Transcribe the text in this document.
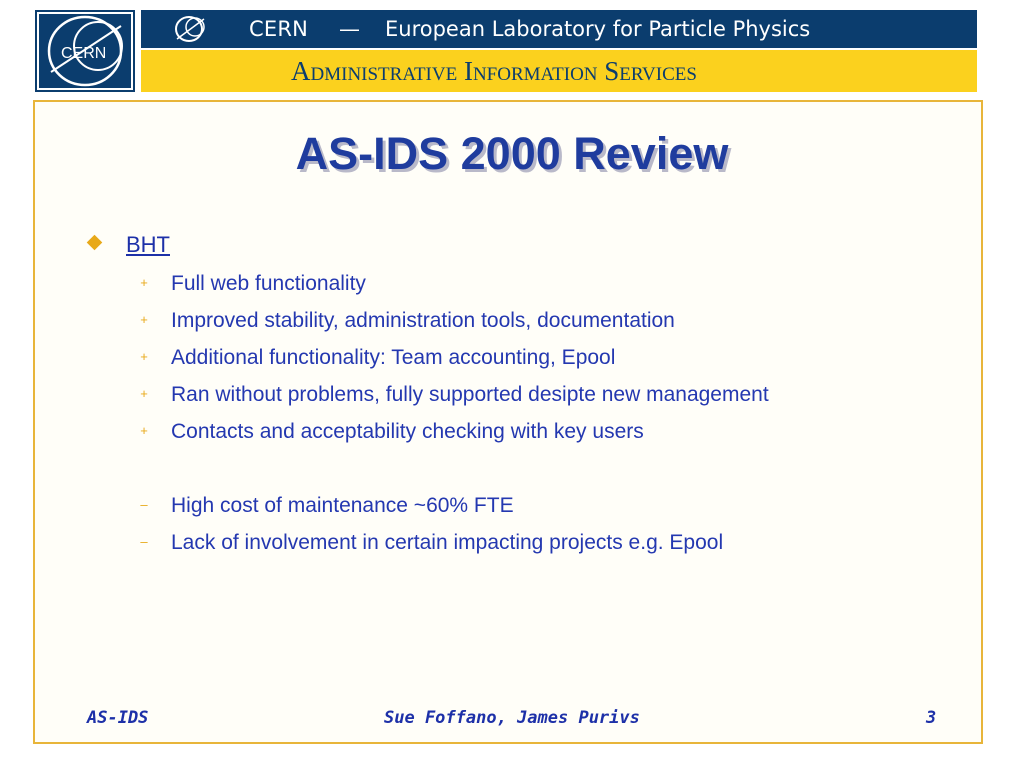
CERN
CERN — European Laboratory for Particle Physics
Administrative Information Services
AS-IDS 2000 Review
BHT
+ Full web functionality
+ Improved stability, administration tools, documentation
+ Additional functionality: Team accounting, Epool
+ Ran without problems, fully supported desipte new management
+ Contacts and acceptability checking with key users
– High cost of maintenance ~60% FTE
– Lack of involvement in certain impacting projects e.g. Epool
AS-IDS	Sue Foffano, James Purivs	3
